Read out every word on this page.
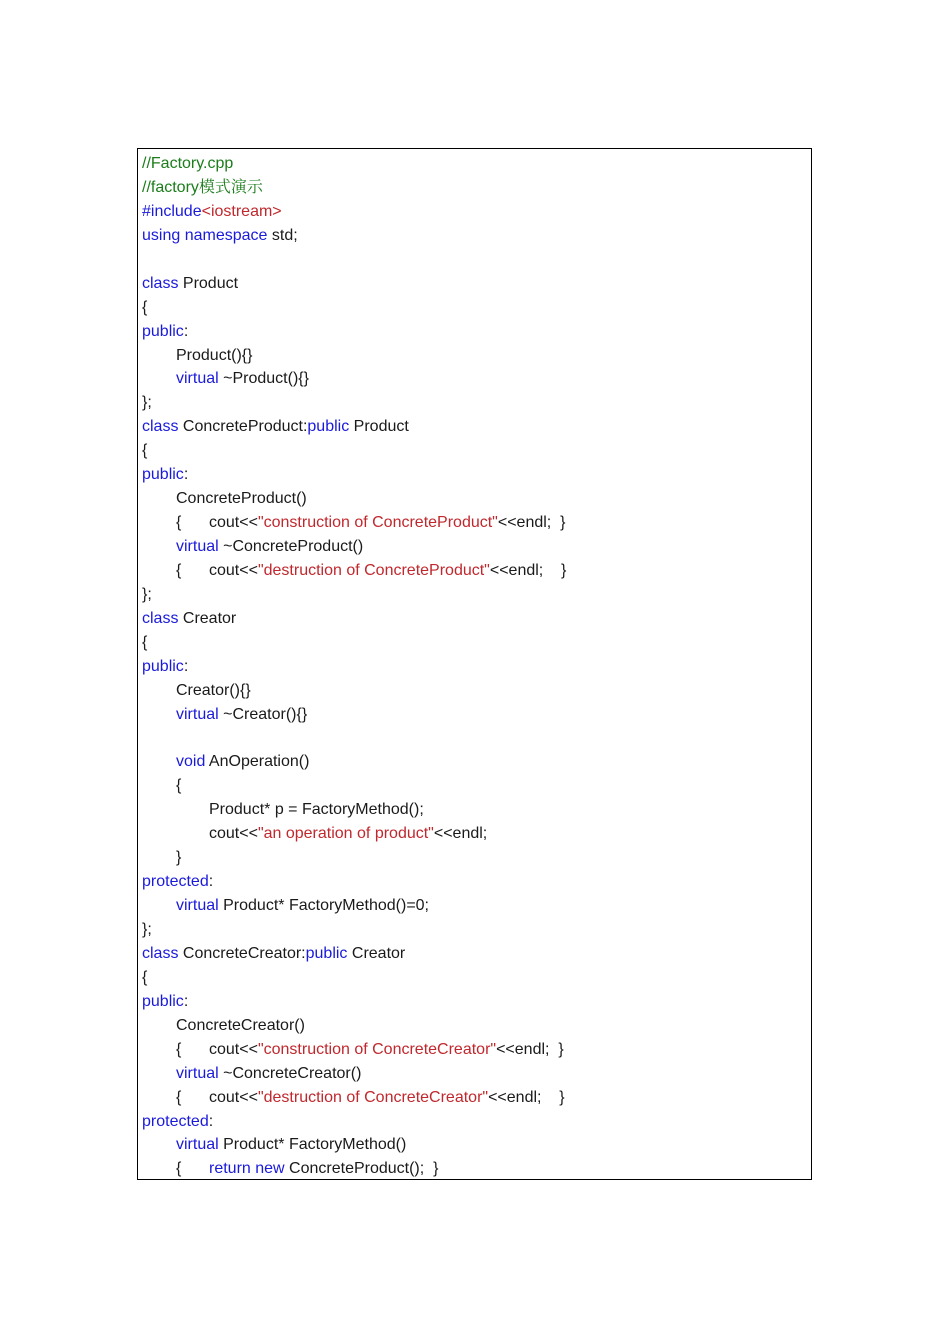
//Factory.cpp
//factory模式演示
#include<iostream>
using namespace std;
class Product
{
public:
Product(){}
virtual ~Product(){}
};
class ConcreteProduct:public Product
{
public:
ConcreteProduct()
{ cout<<"construction of ConcreteProduct"<<endl;  }
virtual ~ConcreteProduct()
{ cout<<"destruction of ConcreteProduct"<<endl;    }
};
class Creator
{
public:
Creator(){}
virtual ~Creator(){}
void AnOperation()
{
Product* p = FactoryMethod();
cout<<"an operation of product"<<endl;
}
protected:
virtual Product* FactoryMethod()=0;
};
class ConcreteCreator:public Creator
{
public:
ConcreteCreator()
{ cout<<"construction of ConcreteCreator"<<endl;  }
virtual ~ConcreteCreator()
{ cout<<"destruction of ConcreteCreator"<<endl;    }
protected:
virtual Product* FactoryMethod()
{ return new ConcreteProduct();  }
